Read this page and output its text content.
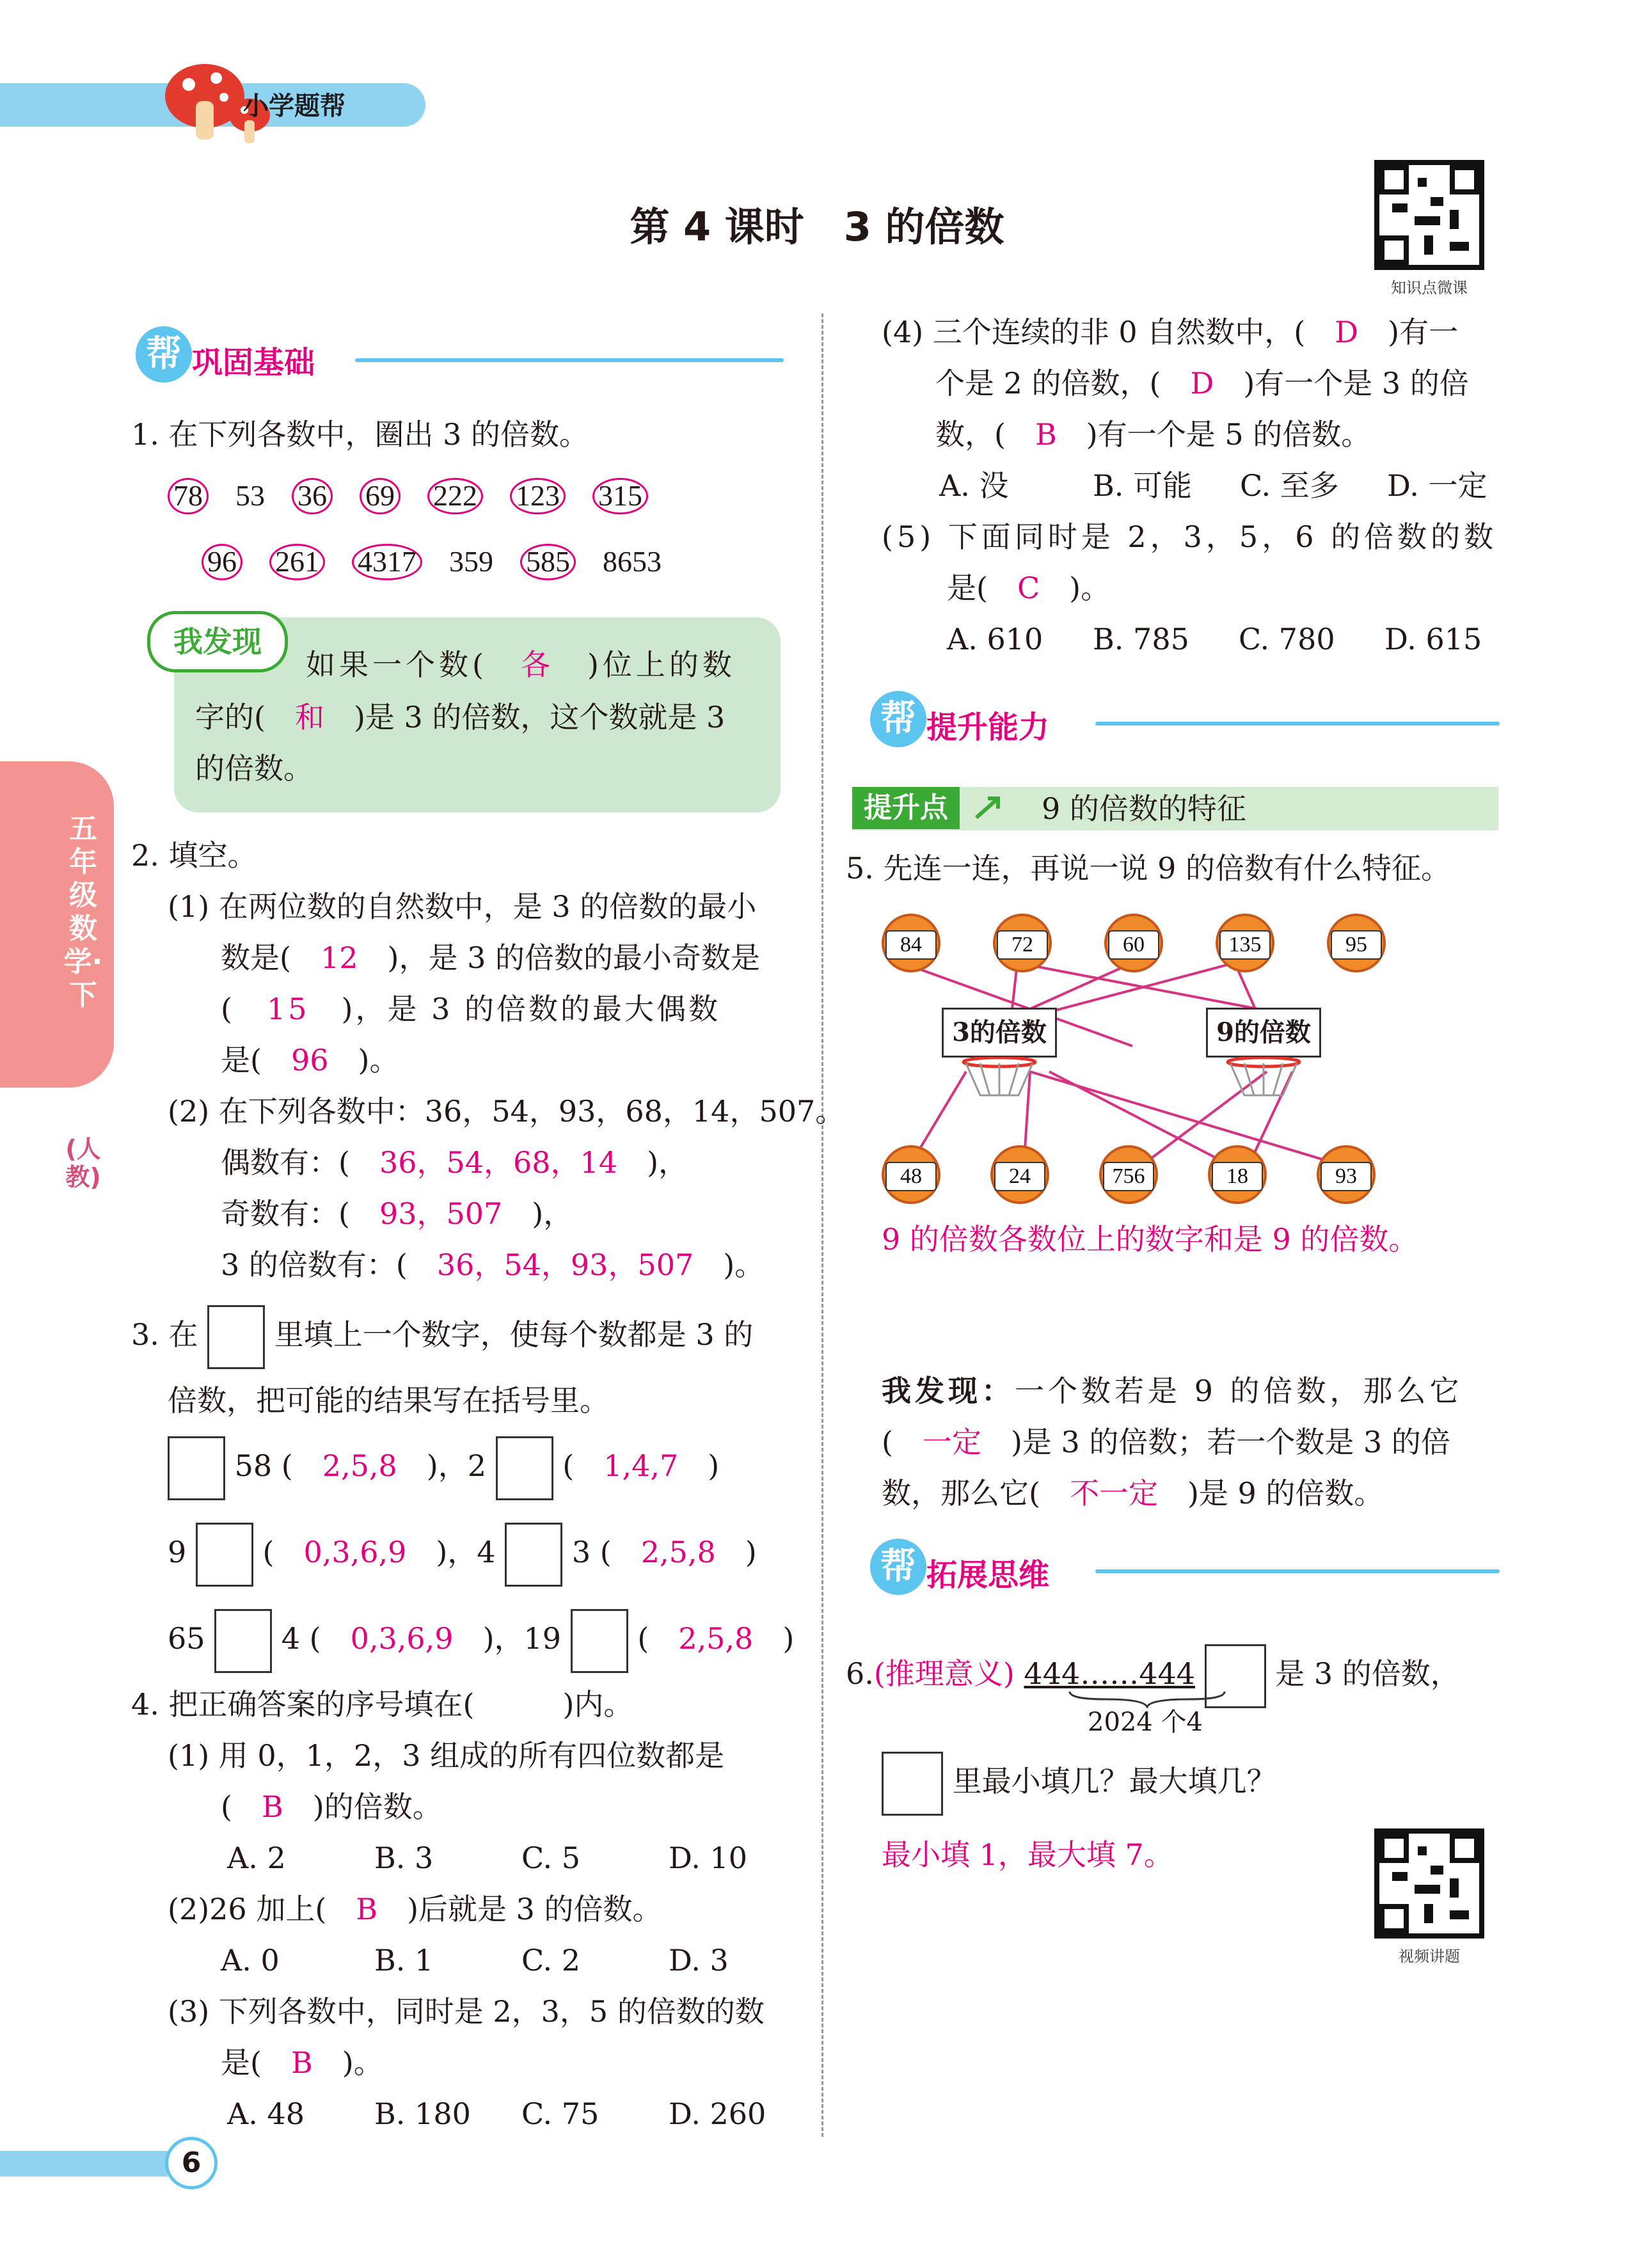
小学题帮
第 4 课时　3 的倍数
知识点微课
五年级数学·下
(人教)
帮 巩固基础
1. 在下列各数中，圈出 3 的倍数。
78 53 36 69 222 123 315
96 261 4317 359 585 8653
我发现
如果一个数(　 各　 )位上的数
字的(　 和　 )是 3 的倍数，这个数就是 3
的倍数。
2. 填空。
(1) 在两位数的自然数中，是 3 的倍数的最小
数是(　 12　 )，是 3 的倍数的最小奇数是
(　 15　 )，是 3 的倍数的最大偶数
是(　 96　 )。
(2) 在下列各数中：36，54，93，68，14，507。
偶数有：(　 36，54，68，14　 )，
奇数有：(　 93，507　 )，
3 的倍数有：(　 36，54，93，507　 )。
3. 在	里填上一个数字，使每个数都是 3 的
倍数，把可能的结果写在括号里。
58 (　 2,5,8　 )，2	(　 1,4,7　 )
9	(　 0,3,6,9　 )，4	3 (　 2,5,8　 )
65	4 (　 0,3,6,9　 )，19	(　 2,5,8　 )
4. 把正确答案的序号填在(　　　)内。
(1) 用 0，1，2，3 组成的所有四位数都是
(　 B　 )的倍数。
A. 2	B. 3	C. 5	D. 10
(2)26 加上(　 B　 )后就是 3 的倍数。
A. 0	B. 1	C. 2	D. 3
(3) 下列各数中，同时是 2，3，5 的倍数的数
是(　 B　 )。
A. 48 B. 180 C. 75 D. 260
(4) 三个连续的非 0 自然数中，(　 D　 )有一
个是 2 的倍数，(　 D　 )有一个是 3 的倍
数，(　 B　 )有一个是 5 的倍数。
A. 没	B. 可能 C. 至多 D. 一定
(5) 下面同时是 2，3，5，6 的倍数的数
是(　 C　 )。
A. 610 B. 785 C. 780 D. 615
帮 提升能力
提升点	9 的倍数的特征
5. 先连一连，再说一说 9 的倍数有什么特征。
84	72	60	135	95
3的倍数	9的倍数
48	24	756	18	93
9 的倍数各数位上的数字和是 9 的倍数。
我发现：一个数若是 9 的倍数，那么它
(　 一定　 )是 3 的倍数；若一个数是 3 的倍
数，那么它(　 不一定　 )是 9 的倍数。
帮 拓展思维
6.(推理意义) 444……444	是 3 的倍数，
2024 个4
里最小填几？最大填几？
最小填 1，最大填 7。
视频讲题
6
